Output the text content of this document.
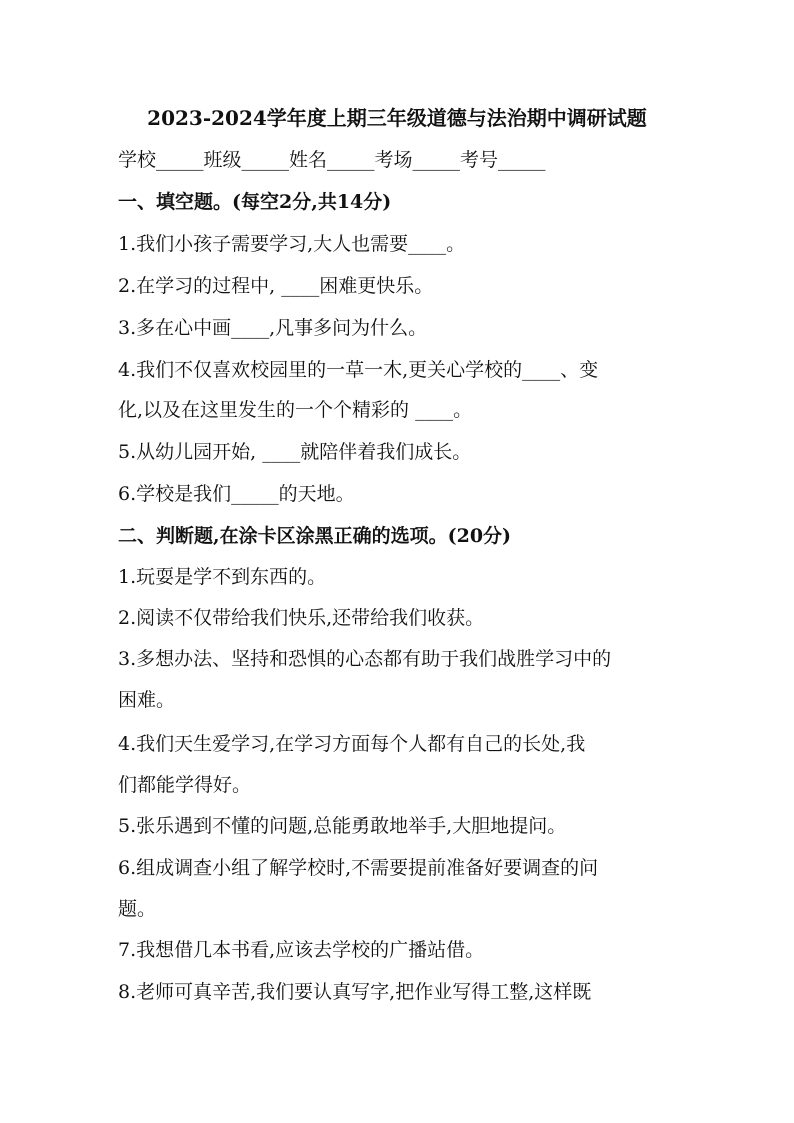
2023-2024学年度上期三年级道德与法治期中调研试题
学校_____班级_____姓名_____考场_____考号_____
一、填空题。(每空2分,共14分)
1.我们小孩子需要学习,大人也需要____。
2.在学习的过程中, ____困难更快乐。
3.多在心中画____,凡事多问为什么。
4.我们不仅喜欢校园里的一草一木,更关心学校的____、变
化,以及在这里发生的一个个精彩的 ____。
5.从幼儿园开始, ____就陪伴着我们成长。
6.学校是我们_____的天地。
二、判断题,在涂卡区涂黑正确的选项。(20分)
1.玩耍是学不到东西的。
2.阅读不仅带给我们快乐,还带给我们收获。
3.多想办法、坚持和恐惧的心态都有助于我们战胜学习中的
困难。
4.我们天生爱学习,在学习方面每个人都有自己的长处,我
们都能学得好。
5.张乐遇到不懂的问题,总能勇敢地举手,大胆地提问。
6.组成调查小组了解学校时,不需要提前准备好要调查的问
题。
7.我想借几本书看,应该去学校的广播站借。
8.老师可真辛苦,我们要认真写字,把作业写得工整,这样既
